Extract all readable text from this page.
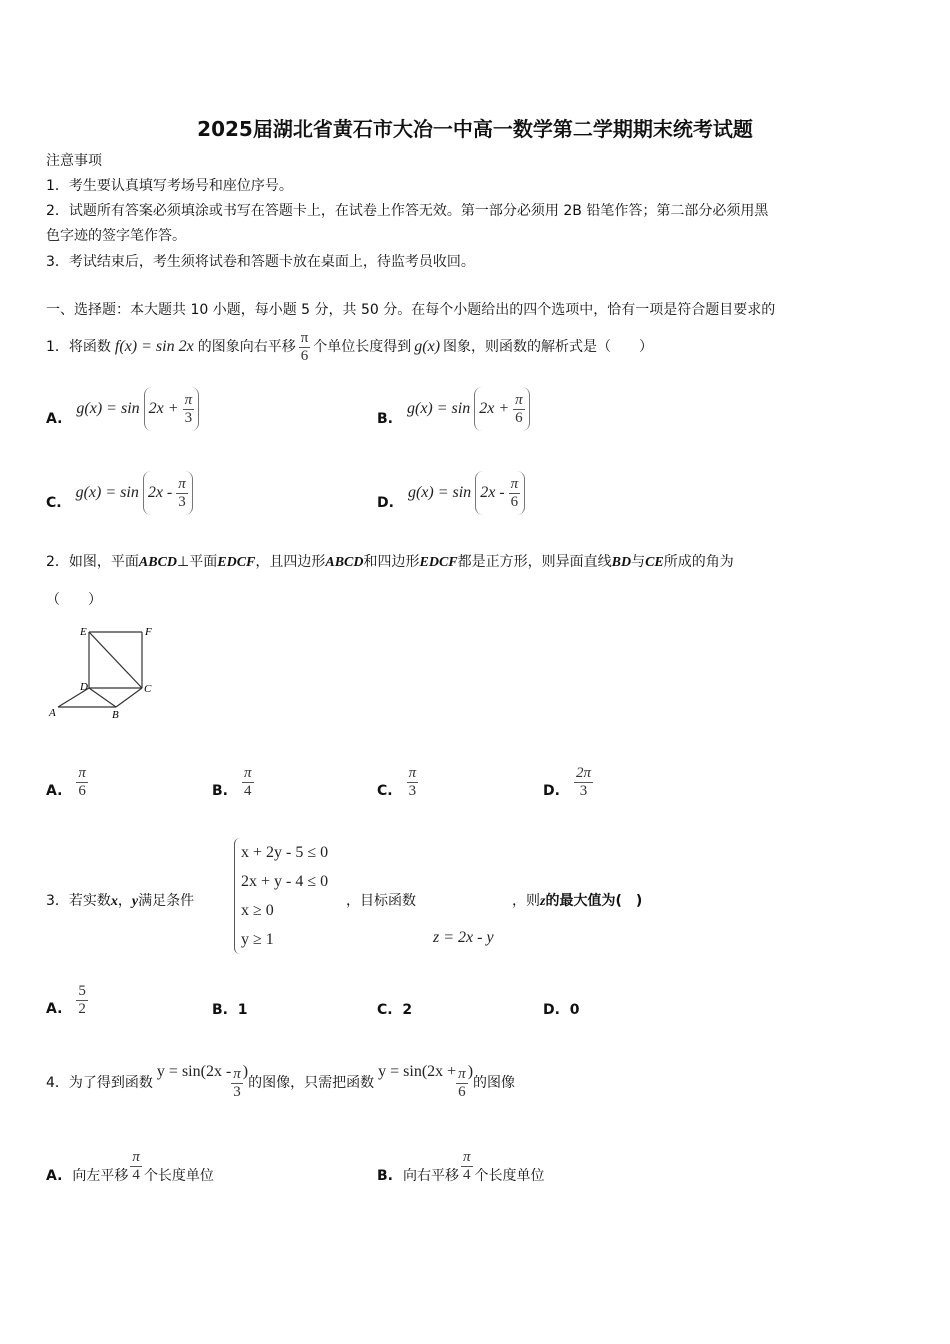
2025届湖北省黄石市大冶一中高一数学第二学期期末统考试题
注意事项
1．考生要认真填写考场号和座位序号。
2．试题所有答案必须填涂或书写在答题卡上，在试卷上作答无效。第一部分必须用 2B 铅笔作答；第二部分必须用黑
色字迹的签字笔作答。
3．考试结束后，考生须将试卷和答题卡放在桌面上，待监考员收回。
一、选择题：本大题共 10 小题，每小题 5 分，共 50 分。在每个小题给出的四个选项中，恰有一项是符合题目要求的
1． 将函数 f(x) = sin 2x 的图象向右平移 $\frac{\pi}{6}$ 个单位长度得到 g(x) 图象，则函数的解析式是（　　）
A.
$g(x) = \sin 2x + \frac{\pi}{3}$	B.
$g(x) = \sin 2x + \frac{\pi}{6}$
C.
$g(x) = \sin 2x - \frac{\pi}{3}$	D.
$g(x) = \sin 2x - \frac{\pi}{6}$
2．如图，平面ABCD⊥平面EDCF，且四边形ABCD和四边形EDCF都是正方形，则异面直线BD与CE所成的角为
（　　）
E	F
D	C
A	B
A. $\frac{\pi}{6}$	B. $\frac{\pi}{4}$	C. $\frac{\pi}{3}$	D. $\frac{2\pi}{3}$
3．若实数x，y满足条件
x + 2y - 5 ≤ 0
2x + y - 4 ≤ 0
x ≥ 0
y ≥ 1
，目标函数
z = 2x - y
，则z的最大值为(　)
A. $\frac{5}{2}$	B. 1	C. 2	D. 0
4． 为了得到函数
$y = \sin(2x - \frac{\pi}{3}$ )
的图像，只需把函数
$y = \sin(2x + \frac{\pi}{6}$ )
的图像
A. 向左平移 $\frac{\pi}{4}$ 个长度单位	B. 向右平移 $\frac{\pi}{4}$ 个长度单位
